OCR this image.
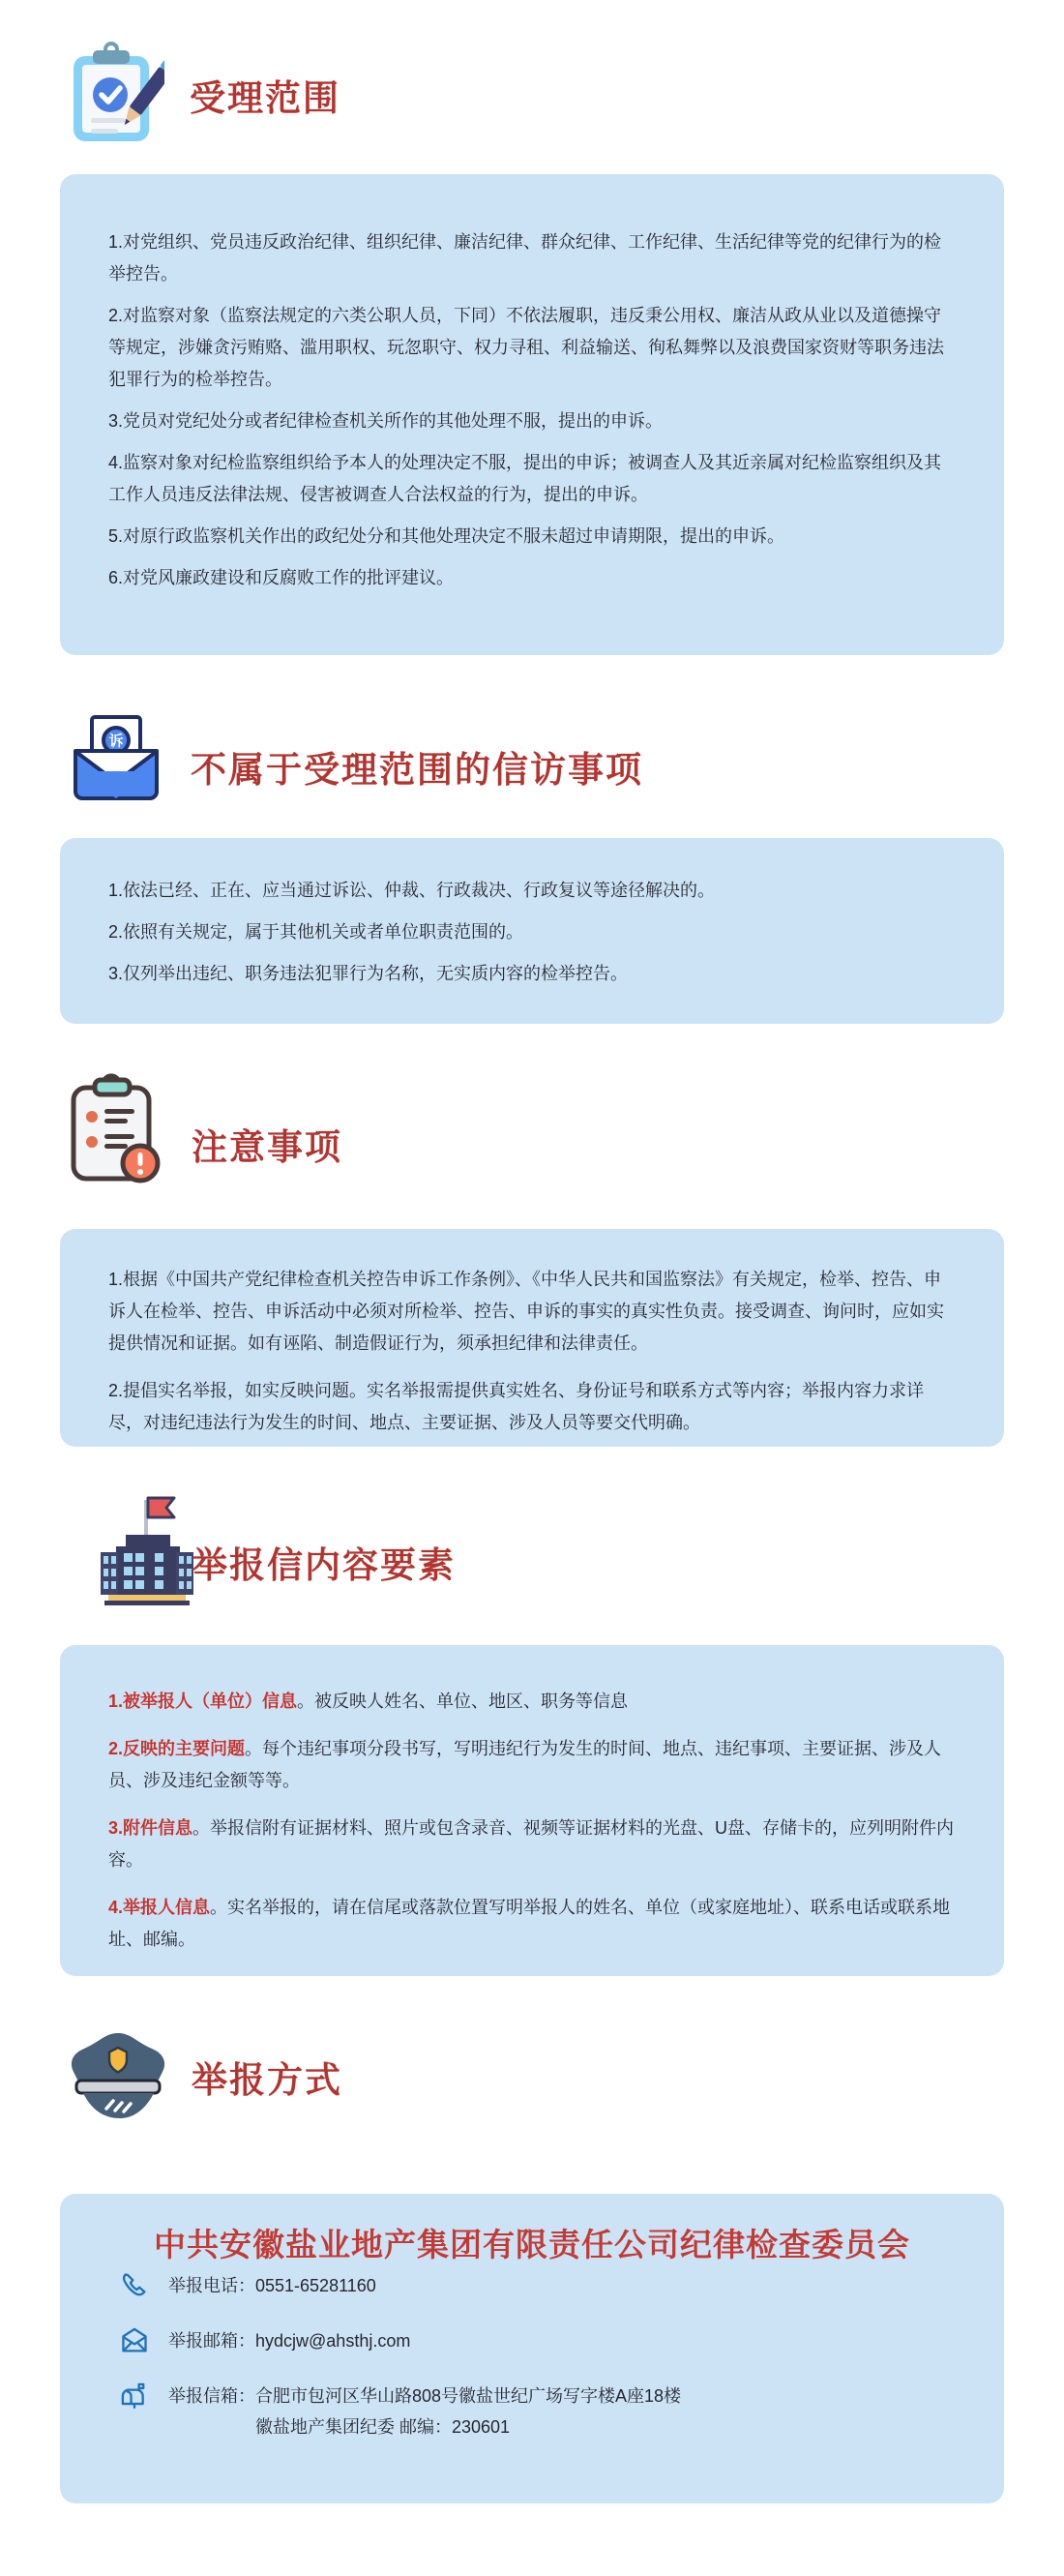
受理范围

1.对党组织、党员违反政治纪律、组织纪律、廉洁纪律、群众纪律、工作纪律、生活纪律等党的纪律行为的检举控告。

2.对监察对象（监察法规定的六类公职人员，下同）不依法履职，违反秉公用权、廉洁从政从业以及道德操守等规定，涉嫌贪污贿赂、滥用职权、玩忽职守、权力寻租、利益输送、徇私舞弊以及浪费国家资财等职务违法犯罪行为的检举控告。

3.党员对党纪处分或者纪律检查机关所作的其他处理不服，提出的申诉。

4.监察对象对纪检监察组织给予本人的处理决定不服，提出的申诉；被调查人及其近亲属对纪检监察组织及其工作人员违反法律法规、侵害被调查人合法权益的行为，提出的申诉。

5.对原行政监察机关作出的政纪处分和其他处理决定不服未超过申请期限，提出的申诉。

6.对党风廉政建设和反腐败工作的批评建议。

诉
不属于受理范围的信访事项

1.依法已经、正在、应当通过诉讼、仲裁、行政裁决、行政复议等途径解决的。

2.依照有关规定，属于其他机关或者单位职责范围的。

3.仅列举出违纪、职务违法犯罪行为名称，无实质内容的检举控告。

注意事项

1.根据《中国共产党纪律检查机关控告申诉工作条例》、《中华人民共和国监察法》有关规定，检举、控告、申诉人在检举、控告、申诉活动中必须对所检举、控告、申诉的事实的真实性负责。接受调查、询问时，应如实提供情况和证据。如有诬陷、制造假证行为，须承担纪律和法律责任。

2.提倡实名举报，如实反映问题。实名举报需提供真实姓名、身份证号和联系方式等内容；举报内容力求详尽，对违纪违法行为发生的时间、地点、主要证据、涉及人员等要交代明确。

举报信内容要素

1.被举报人（单位）信息。被反映人姓名、单位、地区、职务等信息

2.反映的主要问题。每个违纪事项分段书写，写明违纪行为发生的时间、地点、违纪事项、主要证据、涉及人员、涉及违纪金额等等。

3.附件信息。举报信附有证据材料、照片或包含录音、视频等证据材料的光盘、U盘、存储卡的，应列明附件内容。

4.举报人信息。实名举报的，请在信尾或落款位置写明举报人的姓名、单位（或家庭地址）、联系电话或联系地址、邮编。

举报方式

中共安徽盐业地产集团有限责任公司纪律检查委员会

举报电话：0551-65281160
举报邮箱：hydcjw@ahsthj.com
举报信箱：合肥市包河区华山路808号徽盐世纪广场写字楼A座18楼
徽盐地产集团纪委 邮编：230601
